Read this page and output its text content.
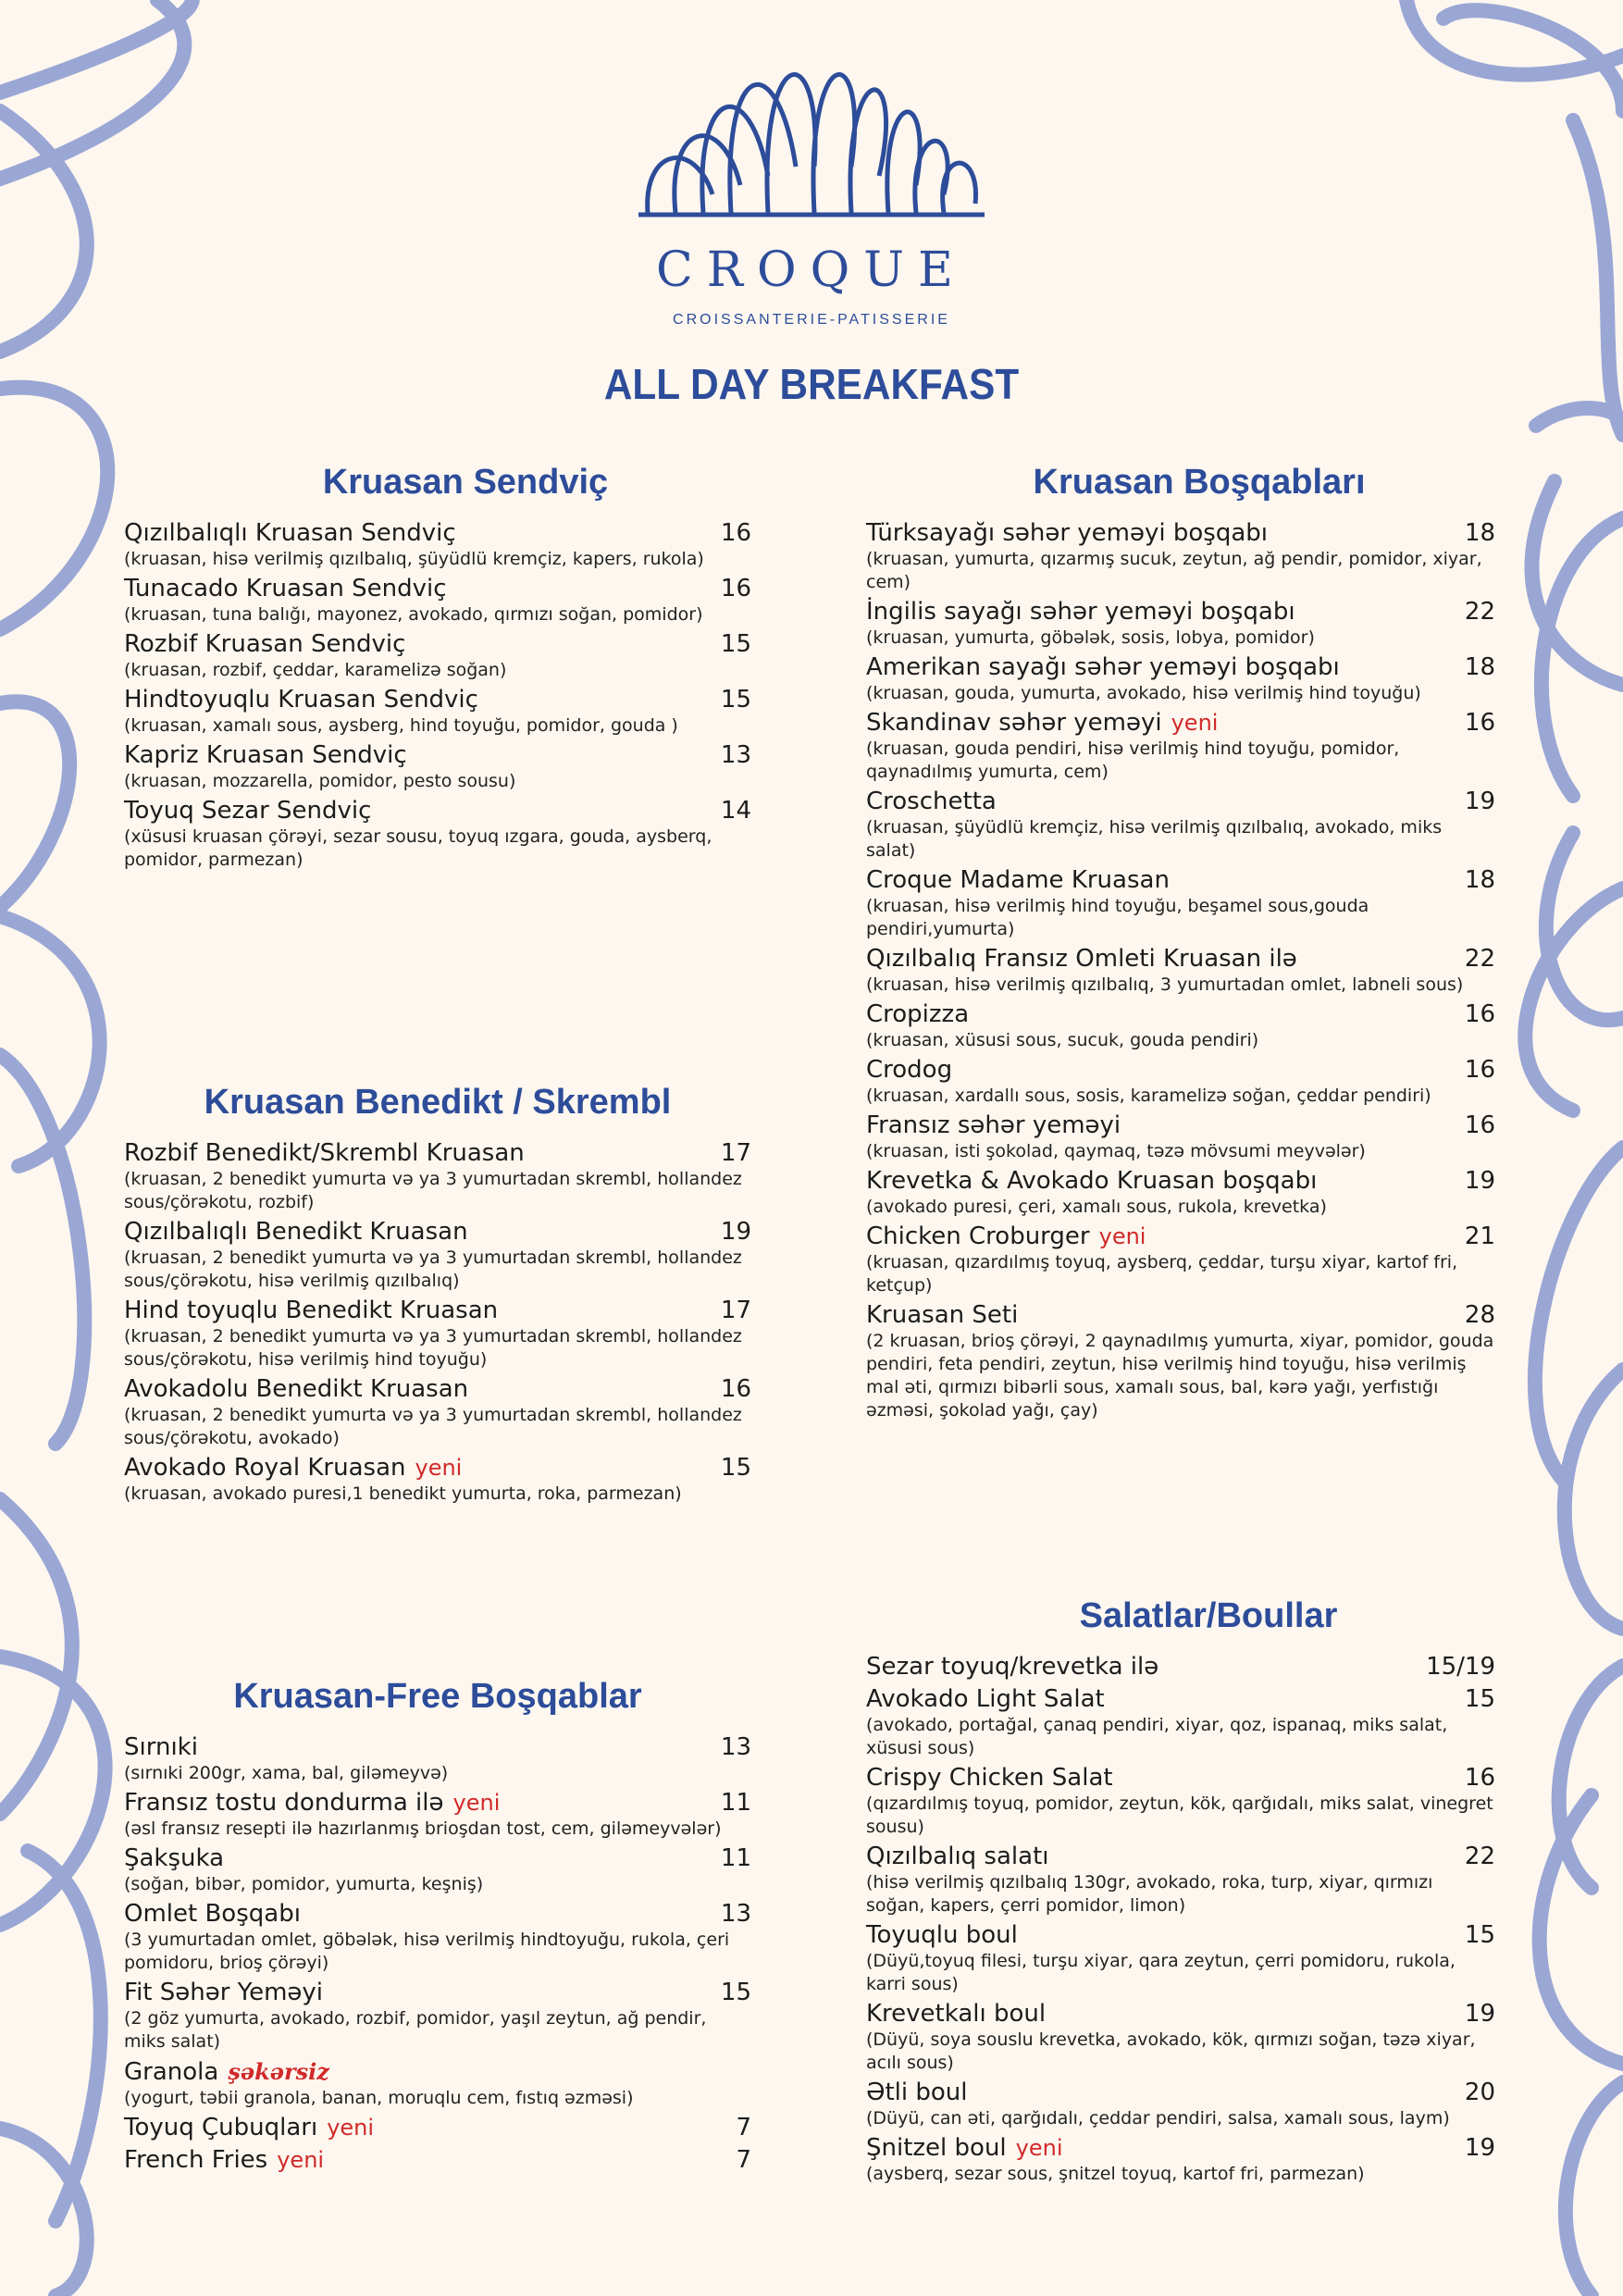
CROQUE
CROISSANTERIE-PATISSERIE
ALL DAY BREAKFAST
Kruasan Sendviç
Qızılbalıqlı Kruasan Sendviç	16
(kruasan, hisə verilmiş qızılbalıq, şüyüdlü kremçiz, kapers, rukola)
Tunacado Kruasan Sendviç	16
(kruasan, tuna balığı, mayonez, avokado, qırmızı soğan, pomidor)
Rozbif Kruasan Sendviç	15
(kruasan, rozbif, çeddar, karamelizə soğan)
Hindtoyuqlu Kruasan Sendviç	15
(kruasan, xamalı sous, aysberg, hind toyuğu, pomidor, gouda )
Kapriz Kruasan Sendviç	13
(kruasan, mozzarella, pomidor, pesto sousu)
Toyuq Sezar Sendviç	14
(xüsusi kruasan çörəyi, sezar sousu, toyuq ızgara, gouda, aysberq, pomidor, parmezan)
Kruasan Benedikt / Skrembl
Rozbif Benedikt/Skrembl Kruasan	17
(kruasan, 2 benedikt yumurta və ya 3 yumurtadan skrembl, hollandez sous/çörəkotu, rozbif)
Qızılbalıqlı Benedikt Kruasan	19
(kruasan, 2 benedikt yumurta və ya 3 yumurtadan skrembl, hollandez sous/çörəkotu, hisə verilmiş qızılbalıq)
Hind toyuqlu Benedikt Kruasan	17
(kruasan, 2 benedikt yumurta və ya 3 yumurtadan skrembl, hollandez sous/çörəkotu, hisə verilmiş hind toyuğu)
Avokadolu Benedikt Kruasan	16
(kruasan, 2 benedikt yumurta və ya 3 yumurtadan skrembl, hollandez sous/çörəkotu, avokado)
Avokado Royal Kruasan yeni	15
(kruasan, avokado puresi,1 benedikt yumurta, roka, parmezan)
Kruasan-Free Boşqablar
Sırnıki	13
(sırnıki 200gr, xama, bal, giləmeyvə)
Fransız tostu dondurma ilə yeni	11
(əsl fransız resepti ilə hazırlanmış brioşdan tost, cem, giləmeyvələr)
Şakşuka	11
(soğan, bibər, pomidor, yumurta, keşniş)
Omlet Boşqabı	13
(3 yumurtadan omlet, göbələk, hisə verilmiş hindtoyuğu, rukola, çeri pomidoru, brioş çörəyi)
Fit Səhər Yeməyi	15
(2 göz yumurta, avokado, rozbif, pomidor, yaşıl zeytun, ağ pendir, miks salat)
Granola şəkərsiz
(yogurt, təbii granola, banan, moruqlu cem, fıstıq əzməsi)
Toyuq Çubuqları yeni	7
French Fries yeni	7
Kruasan Boşqabları
Türksayağı səhər yeməyi boşqabı	18
(kruasan, yumurta, qızarmış sucuk, zeytun, ağ pendir, pomidor, xiyar, cem)
İngilis sayağı səhər yeməyi boşqabı	22
(kruasan, yumurta, göbələk, sosis, lobya, pomidor)
Amerikan sayağı səhər yeməyi boşqabı	18
(kruasan, gouda, yumurta, avokado, hisə verilmiş hind toyuğu)
Skandinav səhər yeməyi yeni	16
(kruasan, gouda pendiri, hisə verilmiş hind toyuğu, pomidor, qaynadılmış yumurta, cem)
Croschetta	19
(kruasan, şüyüdlü kremçiz, hisə verilmiş qızılbalıq, avokado, miks salat)
Croque Madame Kruasan	18
(kruasan, hisə verilmiş hind toyuğu, beşamel sous,gouda pendiri,yumurta)
Qızılbalıq Fransız Omleti Kruasan ilə	22
(kruasan, hisə verilmiş qızılbalıq, 3 yumurtadan omlet, labneli sous)
Cropizza	16
(kruasan, xüsusi sous, sucuk, gouda pendiri)
Crodog	16
(kruasan, xardallı sous, sosis, karamelizə soğan, çeddar pendiri)
Fransız səhər yeməyi	16
(kruasan, isti şokolad, qaymaq, təzə mövsumi meyvələr)
Krevetka & Avokado Kruasan boşqabı	19
(avokado puresi, çeri, xamalı sous, rukola, krevetka)
Chicken Croburger yeni	21
(kruasan, qızardılmış toyuq, aysberq, çeddar, turşu xiyar, kartof fri, ketçup)
Kruasan Seti	28
(2 kruasan, brioş çörəyi, 2 qaynadılmış yumurta, xiyar, pomidor, gouda pendiri, feta pendiri, zeytun, hisə verilmiş hind toyuğu, hisə verilmiş mal əti, qırmızı bibərli sous, xamalı sous, bal, kərə yağı, yerfıstığı əzməsi, şokolad yağı, çay)
Salatlar/Boullar
Sezar toyuq/krevetka ilə	15/19
Avokado Light Salat	15
(avokado, portağal, çanaq pendiri, xiyar, qoz, ispanaq, miks salat, xüsusi sous)
Crispy Chicken Salat	16
(qızardılmış toyuq, pomidor, zeytun, kök, qarğıdalı, miks salat, vinegret sousu)
Qızılbalıq salatı	22
(hisə verilmiş qızılbalıq 130gr, avokado, roka, turp, xiyar, qırmızı soğan, kapers, çerri pomidor, limon)
Toyuqlu boul	15
(Düyü,toyuq filesi, turşu xiyar, qara zeytun, çerri pomidoru, rukola, karri sous)
Krevetkalı boul	19
(Düyü, soya souslu krevetka, avokado, kök, qırmızı soğan, təzə xiyar, acılı sous)
Ətli boul	20
(Düyü, can əti, qarğıdalı, çeddar pendiri, salsa, xamalı sous, laym)
Şnitzel boul yeni	19
(aysberq, sezar sous, şnitzel toyuq, kartof fri, parmezan)
